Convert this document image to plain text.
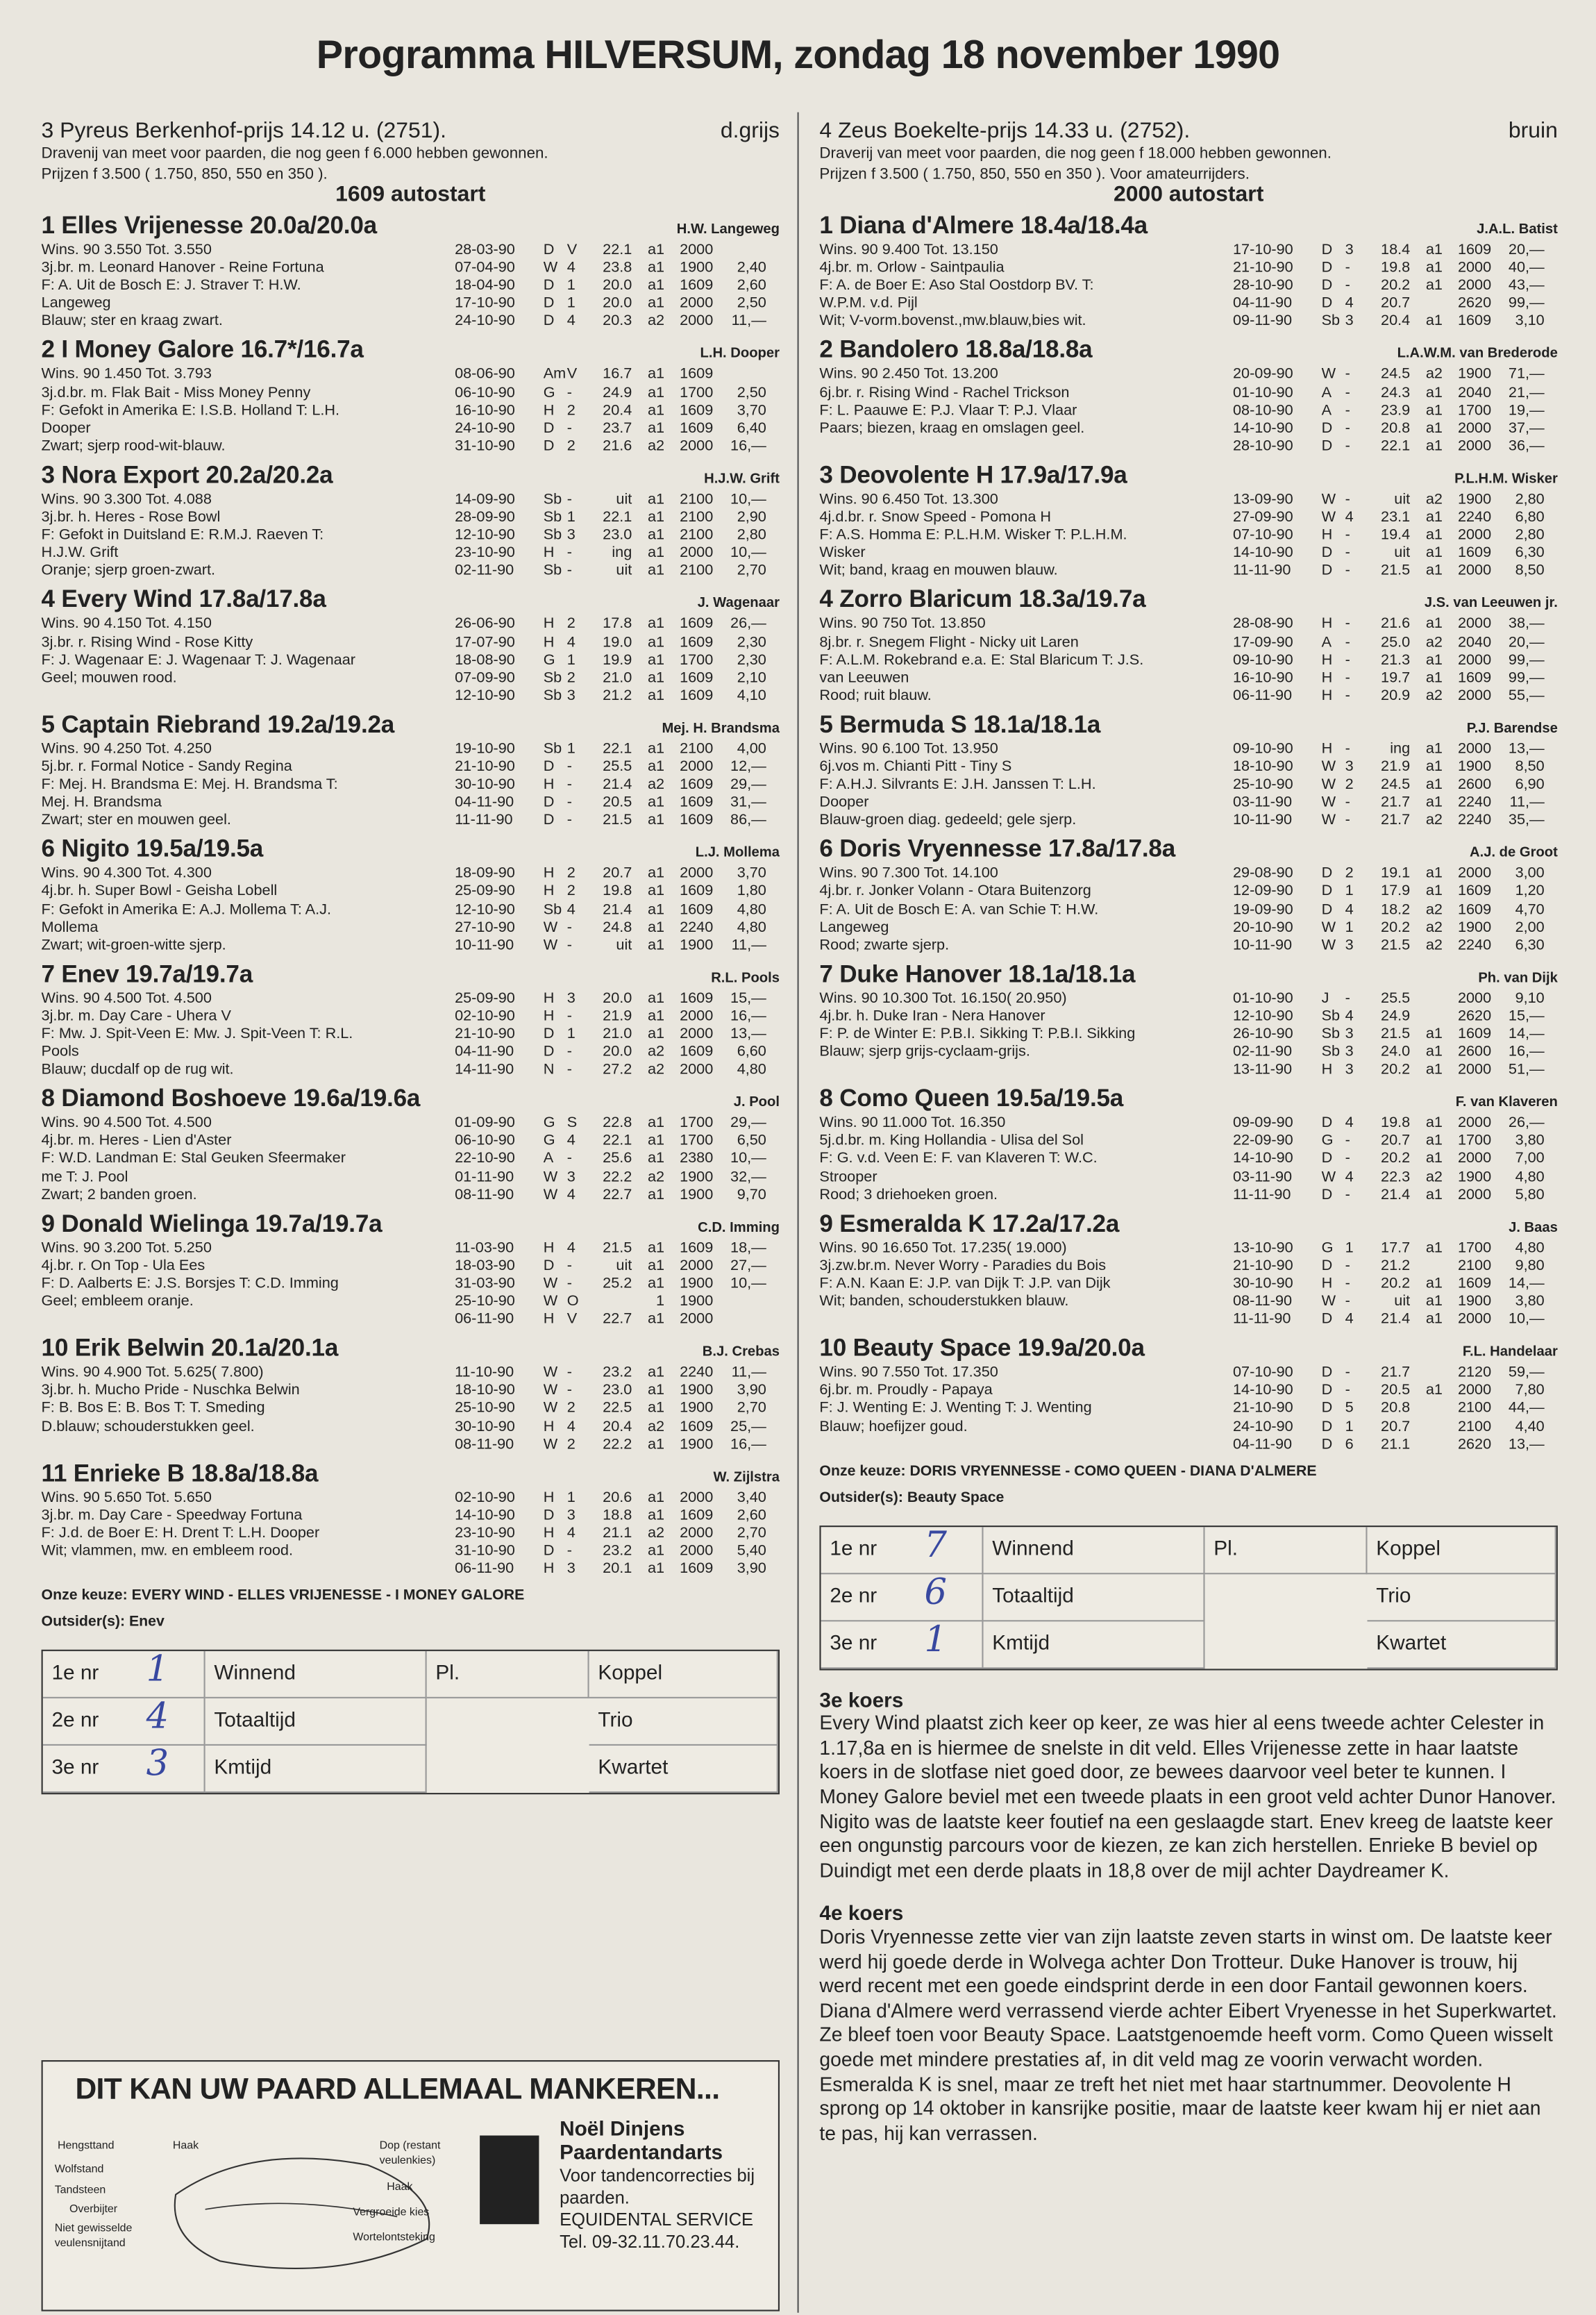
Programma HILVERSUM, zondag 18 november 1990
3 Pyreus Berkenhof-prijs 14.12 u. (2751).	d.grijs
Dravenij van meet voor paarden, die nog geen f 6.000 hebben gewonnen.
Prijzen f 3.500 ( 1.750, 850, 550 en 350 ).
1609 autostart
1 Elles Vrijenesse 20.0a/20.0a	H.W. Langeweg
Wins. 90 3.550 Tot. 3.550
3j.br. m. Leonard Hanover - Reine Fortuna
F: A. Uit de Bosch E: J. Straver T: H.W.
Langeweg
Blauw; ster en kraag zwart.
28-03-90	D	V	22.1	a1	2000
07-04-90	W	4	23.8	a1	1900	2,40
18-04-90	D	1	20.0	a1	1609	2,60
17-10-90	D	1	20.0	a1	2000	2,50
24-10-90	D	4	20.3	a2	2000	11,—
2 I Money Galore 16.7*/16.7a	L.H. Dooper
Wins. 90 1.450 Tot. 3.793
3j.d.br. m. Flak Bait - Miss Money Penny
F: Gefokt in Amerika E: I.S.B. Holland T: L.H.
Dooper
Zwart; sjerp rood-wit-blauw.
08-06-90	Am V	16.7	a1	1609
06-10-90	G	-	24.9	a1	1700	2,50
16-10-90	H	2	20.4	a1	1609	3,70
24-10-90	D	-	23.7	a1	1609	6,40
31-10-90	D	2	21.6	a2	2000	16,—
3 Nora Export 20.2a/20.2a	H.J.W. Grift
Wins. 90 3.300 Tot. 4.088
3j.br. h. Heres - Rose Bowl
F: Gefokt in Duitsland E: R.M.J. Raeven T:
H.J.W. Grift
Oranje; sjerp groen-zwart.
14-09-90	Sb -	uit	a1	2100	10,—
28-09-90	Sb 1	22.1	a1	2100	2,90
12-10-90	Sb 3	23.0	a1	2100	2,80
23-10-90	H	-	ing	a1	2000	10,—
02-11-90	Sb -	uit	a1	2100	2,70
4 Every Wind 17.8a/17.8a	J. Wagenaar
Wins. 90 4.150 Tot. 4.150
3j.br. r. Rising Wind - Rose Kitty
F: J. Wagenaar E: J. Wagenaar T: J. Wagenaar
Geel; mouwen rood.
26-06-90	H	2	17.8	a1	1609	26,—
17-07-90	H	4	19.0	a1	1609	2,30
18-08-90	G	1	19.9	a1	1700	2,30
07-09-90	Sb 2	21.0	a1	1609	2,10
12-10-90	Sb 3	21.2	a1	1609	4,10
5 Captain Riebrand 19.2a/19.2a	Mej. H. Brandsma
Wins. 90 4.250 Tot. 4.250
5j.br. r. Formal Notice - Sandy Regina
F: Mej. H. Brandsma E: Mej. H. Brandsma T:
Mej. H. Brandsma
Zwart; ster en mouwen geel.
19-10-90	Sb 1	22.1	a1	2100	4,00
21-10-90	D	-	25.5	a1	2000	12,—
30-10-90	H	-	21.4	a2	1609	29,—
04-11-90	D	-	20.5	a1	1609	31,—
11-11-90	D	-	21.5	a1	1609	86,—
6 Nigito 19.5a/19.5a	L.J. Mollema
Wins. 90 4.300 Tot. 4.300
4j.br. h. Super Bowl - Geisha Lobell
F: Gefokt in Amerika E: A.J. Mollema T: A.J.
Mollema
Zwart; wit-groen-witte sjerp.
18-09-90	H	2	20.7	a1	2000	3,70
25-09-90	H	2	19.8	a1	1609	1,80
12-10-90	Sb 4	21.4	a1	1609	4,80
27-10-90	W	-	24.8	a1	2240	4,80
10-11-90	W	-	uit	a1	1900	11,—
7 Enev 19.7a/19.7a	R.L. Pools
Wins. 90 4.500 Tot. 4.500
3j.br. m. Day Care - Uhera V
F: Mw. J. Spit-Veen E: Mw. J. Spit-Veen T: R.L.
Pools
Blauw; ducdalf op de rug wit.
25-09-90	H	3	20.0	a1	1609	15,—
02-10-90	H	-	21.9	a1	2000	16,—
21-10-90	D	1	21.0	a1	2000	13,—
04-11-90	D	-	20.0	a2	1609	6,60
14-11-90	N	-	27.2	a2	2000	4,80
8 Diamond Boshoeve 19.6a/19.6a	J. Pool
Wins. 90 4.500 Tot. 4.500
4j.br. m. Heres - Lien d'Aster
F: W.D. Landman E: Stal Geuken Sfeermaker
me T: J. Pool
Zwart; 2 banden groen.
01-09-90	G	S	22.8	a1	1700	29,—
06-10-90	G	4	22.1	a1	1700	6,50
22-10-90	A	-	25.6	a1	2380	10,—
01-11-90	W	3	22.2	a2	1900	32,—
08-11-90	W	4	22.7	a1	1900	9,70
9 Donald Wielinga 19.7a/19.7a	C.D. Imming
Wins. 90 3.200 Tot. 5.250
4j.br. r. On Top - Ula Ees
F: D. Aalberts E: J.S. Borsjes T: C.D. Imming
Geel; embleem oranje.
11-03-90	H	4	21.5	a1	1609	18,—
18-03-90	D	-	uit	a1	2000	27,—
31-03-90	W	-	25.2	a1	1900	10,—
25-10-90	W	O	1	1900
06-11-90	H	V	22.7	a1	2000
10 Erik Belwin 20.1a/20.1a	B.J. Crebas
Wins. 90 4.900 Tot. 5.625( 7.800)
3j.br. h. Mucho Pride - Nuschka Belwin
F: B. Bos E: B. Bos T: T. Smeding
D.blauw; schouderstukken geel.
11-10-90	W	-	23.2	a1	2240	11,—
18-10-90	W	-	23.0	a1	1900	3,90
25-10-90	W	2	22.5	a1	1900	2,70
30-10-90	H	4	20.4	a2	1609	25,—
08-11-90	W	2	22.2	a1	1900	16,—
11 Enrieke B 18.8a/18.8a	W. Zijlstra
Wins. 90 5.650 Tot. 5.650
3j.br. m. Day Care - Speedway Fortuna
F: J.d. de Boer E: H. Drent T: L.H. Dooper
Wit; vlammen, mw. en embleem rood.
02-10-90	H	1	20.6	a1	2000	3,40
14-10-90	D	3	18.8	a1	1609	2,60
23-10-90	H	4	21.1	a2	2000	2,70
31-10-90	D	-	23.2	a1	2000	5,40
06-11-90	H	3	20.1	a1	1609	3,90
Onze keuze: EVERY WIND - ELLES VRIJENESSE - I MONEY GALORE
Outsider(s): Enev
1e nr	1	Winnend	Pl.	Koppel
2e nr	4	Totaaltijd	Trio
3e nr	3	Kmtijd	Kwartet
4 Zeus Boekelte-prijs 14.33 u. (2752).	bruin
Draverij van meet voor paarden, die nog geen f 18.000 hebben gewonnen.
Prijzen f 3.500 ( 1.750, 850, 550 en 350 ). Voor amateurrijders.
2000 autostart
1 Diana d'Almere 18.4a/18.4a	J.A.L. Batist
Wins. 90 9.400 Tot. 13.150
4j.br. m. Orlow - Saintpaulia
F: A. de Boer E: Aso Stal Oostdorp BV. T:
W.P.M. v.d. Pijl
Wit; V-vorm.bovenst.,mw.blauw,bies wit.
17-10-90	D	3	18.4	a1	1609	20,—
21-10-90	D	-	19.8	a1	2000	40,—
28-10-90	D	-	20.2	a1	2000	43,—
04-11-90	D	4	20.7	2620	99,—
09-11-90	Sb 3	20.4	a1	1609	3,10
2 Bandolero 18.8a/18.8a	L.A.W.M. van Brederode
Wins. 90 2.450 Tot. 13.200
6j.br. r. Rising Wind - Rachel Trickson
F: L. Paauwe E: P.J. Vlaar T: P.J. Vlaar
Paars; biezen, kraag en omslagen geel.
20-09-90	W	-	24.5	a2	1900	71,—
01-10-90	A	-	24.3	a1	2040	21,—
08-10-90	A	-	23.9	a1	1700	19,—
14-10-90	D	-	20.8	a1	2000	37,—
28-10-90	D	-	22.1	a1	2000	36,—
3 Deovolente H 17.9a/17.9a	P.L.H.M. Wisker
Wins. 90 6.450 Tot. 13.300
4j.d.br. r. Snow Speed - Pomona H
F: A.S. Homma E: P.L.H.M. Wisker T: P.L.H.M.
Wisker
Wit; band, kraag en mouwen blauw.
13-09-90	W	-	uit	a2	1900	2,80
27-09-90	W	4	23.1	a1	2240	6,80
07-10-90	H	-	19.4	a1	2000	2,80
14-10-90	D	-	uit	a1	1609	6,30
11-11-90	D	-	21.5	a1	2000	8,50
4 Zorro Blaricum 18.3a/19.7a	J.S. van Leeuwen jr.
Wins. 90 750 Tot. 13.850
8j.br. r. Snegem Flight - Nicky uit Laren
F: A.L.M. Rokebrand e.a. E: Stal Blaricum T: J.S.
van Leeuwen
Rood; ruit blauw.
28-08-90	H	-	21.6	a1	2000	38,—
17-09-90	A	-	25.0	a2	2040	20,—
09-10-90	H	-	21.3	a1	2000	99,—
16-10-90	H	-	19.7	a1	1609	99,—
06-11-90	H	-	20.9	a2	2000	55,—
5 Bermuda S 18.1a/18.1a	P.J. Barendse
Wins. 90 6.100 Tot. 13.950
6j.vos m. Chianti Pitt - Tiny S
F: A.H.J. Silvrants E: J.H. Janssen T: L.H.
Dooper
Blauw-groen diag. gedeeld; gele sjerp.
09-10-90	H	-	ing	a1	2000	13,—
18-10-90	W	3	21.9	a1	1900	8,50
25-10-90	W	2	24.5	a1	2600	6,90
03-11-90	W	-	21.7	a1	2240	11,—
10-11-90	W	-	21.7	a2	2240	35,—
6 Doris Vryennesse 17.8a/17.8a	A.J. de Groot
Wins. 90 7.300 Tot. 14.100
4j.br. r. Jonker Volann - Otara Buitenzorg
F: A. Uit de Bosch E: A. van Schie T: H.W.
Langeweg
Rood; zwarte sjerp.
29-08-90	D	2	19.1	a1	2000	3,00
12-09-90	D	1	17.9	a1	1609	1,20
19-09-90	D	4	18.2	a2	1609	4,70
20-10-90	W	1	20.2	a2	1900	2,00
10-11-90	W	3	21.5	a2	2240	6,30
7 Duke Hanover 18.1a/18.1a	Ph. van Dijk
Wins. 90 10.300 Tot. 16.150( 20.950)
4j.br. h. Duke Iran - Nera Hanover
F: P. de Winter E: P.B.I. Sikking T: P.B.I. Sikking
Blauw; sjerp grijs-cyclaam-grijs.
01-10-90	J	-	25.5	2000	9,10
12-10-90	Sb 4	24.9	2620	15,—
26-10-90	Sb 3	21.5	a1	1609	14,—
02-11-90	Sb 3	24.0	a1	2600	16,—
13-11-90	H	3	20.2	a1	2000	51,—
8 Como Queen 19.5a/19.5a	F. van Klaveren
Wins. 90 11.000 Tot. 16.350
5j.d.br. m. King Hollandia - Ulisa del Sol
F: G. v.d. Veen E: F. van Klaveren T: W.C.
Strooper
Rood; 3 driehoeken groen.
09-09-90	D	4	19.8	a1	2000	26,—
22-09-90	G	-	20.7	a1	1700	3,80
14-10-90	D	-	20.2	a1	2000	7,00
03-11-90	W	4	22.3	a2	1900	4,80
11-11-90	D	-	21.4	a1	2000	5,80
9 Esmeralda K 17.2a/17.2a	J. Baas
Wins. 90 16.650 Tot. 17.235( 19.000)
3j.zw.br.m. Never Worry - Paradies du Bois
F: A.N. Kaan E: J.P. van Dijk T: J.P. van Dijk
Wit; banden, schouderstukken blauw.
13-10-90	G	1	17.7	a1	1700	4,80
21-10-90	D	-	21.2	2100	9,80
30-10-90	H	-	20.2	a1	1609	14,—
08-11-90	W	-	uit	a1	1900	3,80
11-11-90	D	4	21.4	a1	2000	10,—
10 Beauty Space 19.9a/20.0a	F.L. Handelaar
Wins. 90 7.550 Tot. 17.350
6j.br. m. Proudly - Papaya
F: J. Wenting E: J. Wenting T: J. Wenting
Blauw; hoefijzer goud.
07-10-90	D	-	21.7	2120	59,—
14-10-90	D	-	20.5	a1	2000	7,80
21-10-90	D	5	20.8	2100	44,—
24-10-90	D	1	20.7	2100	4,40
04-11-90	D	6	21.1	2620	13,—
Onze keuze: DORIS VRYENNESSE - COMO QUEEN - DIANA D'ALMERE
Outsider(s): Beauty Space
1e nr	7	Winnend	Pl.	Koppel
2e nr	6	Totaaltijd	Trio
3e nr	1	Kmtijd	Kwartet
3e koers
Every Wind plaatst zich keer op keer, ze was hier al eens tweede achter Celester in 1.17,8a en is hiermee de snelste in dit veld. Elles Vrijenesse zette in haar laatste koers in de slotfase niet goed door, ze bewees daarvoor veel beter te kunnen. I Money Galore beviel met een tweede plaats in een groot veld achter Dunor Hanover. Nigito was de laatste keer foutief na een geslaagde start. Enev kreeg de laatste keer een ongunstig parcours voor de kiezen, ze kan zich herstellen. Enrieke B beviel op Duindigt met een derde plaats in 18,8 over de mijl achter Daydreamer K.
4e koers
Doris Vryennesse zette vier van zijn laatste zeven starts in winst om. De laatste keer werd hij goede derde in Wolvega achter Don Trotteur. Duke Hanover is trouw, hij werd recent met een goede eindsprint derde in een door Fantail gewonnen koers. Diana d'Almere werd verrassend vierde achter Eibert Vryenesse in het Superkwartet. Ze bleef toen voor Beauty Space. Laatstgenoemde heeft vorm. Como Queen wisselt goede met mindere prestaties af, in dit veld mag ze voorin verwacht worden. Esmeralda K is snel, maar ze treft het niet met haar startnummer. Deovolente H sprong op 14 oktober in kansrijke positie, maar de laatste keer kwam hij er niet aan te pas, hij kan verrassen.
DIT KAN UW PAARD ALLEMAAL MANKEREN...
Hengsttand	Haak
Wolfstand
Tandsteen
Overbijter
Niet gewisselde
veulensnijtand
Dop (restant
veulenkies)
Haak
Vergroeide kies
Wortelontsteking
Noël Dinjens
Paardentandarts
Voor tandencorrecties bij
paarden.
EQUIDENTAL SERVICE
Tel. 09-32.11.70.23.44.
